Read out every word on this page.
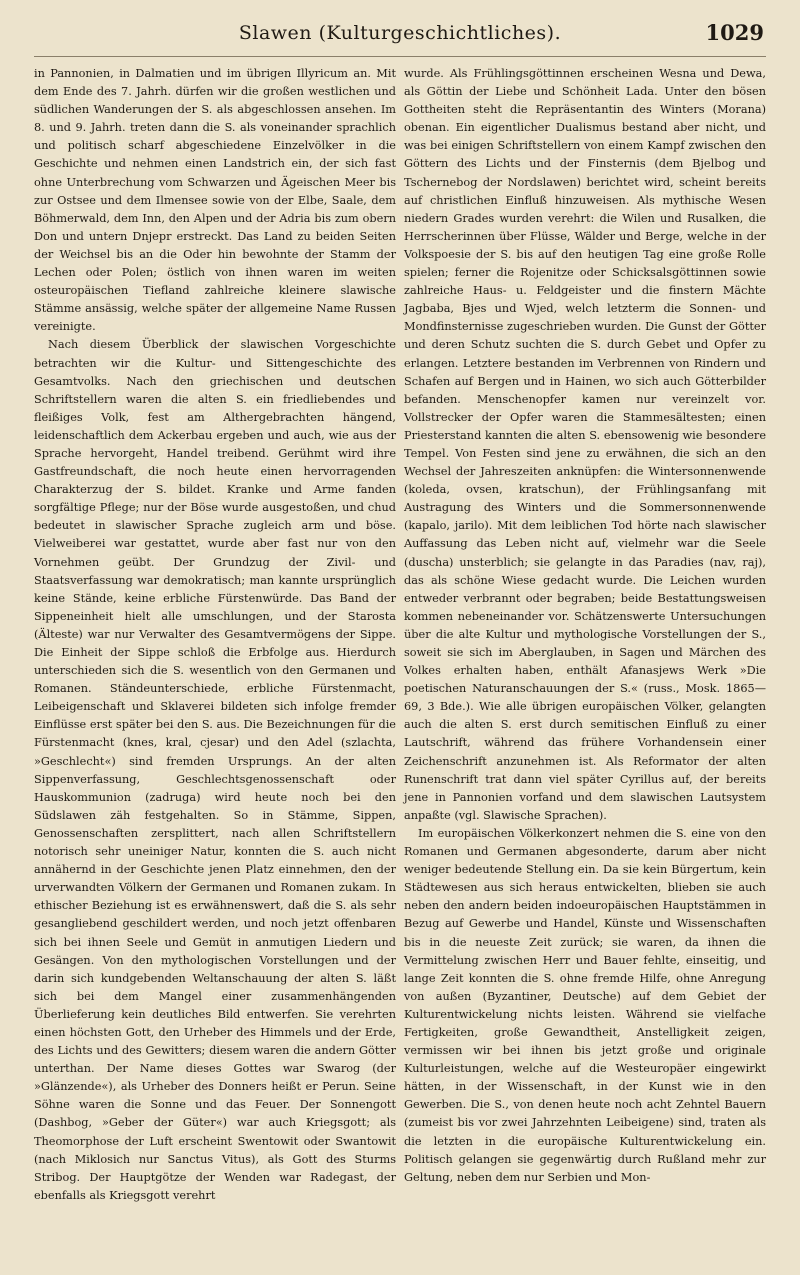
Slawen (Kulturgeschichtliches).	1029

in Pannonien, in Dalmatien und im übrigen Illyricum an. Mit dem Ende des 7. Jahrh. dürfen wir die großen westlichen und südlichen Wanderungen der S. als abgeschlossen ansehen. Im 8. und 9. Jahrh. treten dann die S. als voneinander sprachlich und politisch scharf abgeschiedene Einzelvölker in die Geschichte und nehmen einen Landstrich ein, der sich fast ohne Unterbrechung vom Schwarzen und Ägeischen Meer bis zur Ostsee und dem Ilmensee sowie von der Elbe, Saale, dem Böhmerwald, dem Inn, den Alpen und der Adria bis zum obern Don und untern Dnjepr erstreckt. Das Land zu beiden Seiten der Weichsel bis an die Oder hin bewohnte der Stamm der Lechen oder Polen; östlich von ihnen waren im weiten osteuropäischen Tiefland zahlreiche kleinere slawische Stämme ansässig, welche später der allgemeine Name Russen vereinigte.

Nach diesem Überblick der slawischen Vorgeschichte betrachten wir die Kultur- und Sittengeschichte des Gesamtvolks. Nach den griechischen und deutschen Schriftstellern waren die alten S. ein friedliebendes und fleißiges Volk, fest am Althergebrachten hängend, leidenschaftlich dem Ackerbau ergeben und auch, wie aus der Sprache hervorgeht, Handel treibend. Gerühmt wird ihre Gastfreundschaft, die noch heute einen hervorragenden Charakterzug der S. bildet. Kranke und Arme fanden sorgfältige Pflege; nur der Böse wurde ausgestoßen, und chud bedeutet in slawischer Sprache zugleich arm und böse. Vielweiberei war gestattet, wurde aber fast nur von den Vornehmen geübt. Der Grundzug der Zivil- und Staatsverfassung war demokratisch; man kannte ursprünglich keine Stände, keine erbliche Fürstenwürde. Das Band der Sippeneinheit hielt alle umschlungen, und der Starosta (Älteste) war nur Verwalter des Gesamtvermögens der Sippe. Die Einheit der Sippe schloß die Erbfolge aus. Hierdurch unterschieden sich die S. wesentlich von den Germanen und Romanen. Ständeunterschiede, erbliche Fürstenmacht, Leibeigenschaft und Sklaverei bildeten sich infolge fremder Einflüsse erst später bei den S. aus. Die Bezeichnungen für die Fürstenmacht (knes, kral, cjesar) und den Adel (szlachta, »Geschlecht«) sind fremden Ursprungs. An der alten Sippenverfassung, Geschlechtsgenossenschaft oder Hauskommunion (zadruga) wird heute noch bei den Südslawen zäh festgehalten. So in Stämme, Sippen, Genossenschaften zersplittert, nach allen Schriftstellern notorisch sehr uneiniger Natur, konnten die S. auch nicht annähernd in der Geschichte jenen Platz einnehmen, den der urverwandten Völkern der Germanen und Romanen zukam. In ethischer Beziehung ist es erwähnenswert, daß die S. als sehr gesangliebend geschildert werden, und noch jetzt offenbaren sich bei ihnen Seele und Gemüt in anmutigen Liedern und Gesängen. Von den mythologischen Vorstellungen und der darin sich kundgebenden Weltanschauung der alten S. läßt sich bei dem Mangel einer zusammenhängenden Überlieferung kein deutliches Bild entwerfen. Sie verehrten einen höchsten Gott, den Urheber des Himmels und der Erde, des Lichts und des Gewitters; diesem waren die andern Götter unterthan. Der Name dieses Gottes war Swarog (der »Glänzende«), als Urheber des Donners heißt er Perun. Seine Söhne waren die Sonne und das Feuer. Der Sonnengott (Dashbog, »Geber der Güter«) war auch Kriegsgott; als Theomorphose der Luft erscheint Swentowit oder Swantowit (nach Miklosich nur Sanctus Vitus), als Gott des Sturms Stribog. Der Hauptgötze der Wenden war Radegast, der ebenfalls als Kriegsgott verehrt

wurde. Als Frühlingsgöttinnen erscheinen Wesna und Dewa, als Göttin der Liebe und Schönheit Lada. Unter den bösen Gottheiten steht die Repräsentantin des Winters (Morana) obenan. Ein eigentlicher Dualismus bestand aber nicht, und was bei einigen Schriftstellern von einem Kampf zwischen den Göttern des Lichts und der Finsternis (dem Bjelbog und Tschernebog der Nordslawen) berichtet wird, scheint bereits auf christlichen Einfluß hinzuweisen. Als mythische Wesen niedern Grades wurden verehrt: die Wilen und Rusalken, die Herrscherinnen über Flüsse, Wälder und Berge, welche in der Volkspoesie der S. bis auf den heutigen Tag eine große Rolle spielen; ferner die Rojenitze oder Schicksalsgöttinnen sowie zahlreiche Haus- u. Feldgeister und die finstern Mächte Jagbaba, Bjes und Wjed, welch letzterm die Sonnen- und Mondfinsternisse zugeschrieben wurden. Die Gunst der Götter und deren Schutz suchten die S. durch Gebet und Opfer zu erlangen. Letztere bestanden im Verbrennen von Rindern und Schafen auf Bergen und in Hainen, wo sich auch Götterbilder befanden. Menschenopfer kamen nur vereinzelt vor. Vollstrecker der Opfer waren die Stammesältesten; einen Priesterstand kannten die alten S. ebensowenig wie besondere Tempel. Von Festen sind jene zu erwähnen, die sich an den Wechsel der Jahreszeiten anknüpfen: die Wintersonnenwende (koleda, ovsen, kratschun), der Frühlingsanfang mit Austragung des Winters und die Sommersonnenwende (kapalo, jarilo). Mit dem leiblichen Tod hörte nach slawischer Auffassung das Leben nicht auf, vielmehr war die Seele (duscha) unsterblich; sie gelangte in das Paradies (nav, raj), das als schöne Wiese gedacht wurde. Die Leichen wurden entweder verbrannt oder begraben; beide Bestattungsweisen kommen nebeneinander vor. Schätzenswerte Untersuchungen über die alte Kultur und mythologische Vorstellungen der S., soweit sie sich im Aberglauben, in Sagen und Märchen des Volkes erhalten haben, enthält Afanasjews Werk »Die poetischen Naturanschauungen der S.« (russ., Mosk. 1865—69, 3 Bde.). Wie alle übrigen europäischen Völker, gelangten auch die alten S. erst durch semitischen Einfluß zu einer Lautschrift, während das frühere Vorhandensein einer Zeichenschrift anzunehmen ist. Als Reformator der alten Runenschrift trat dann viel später Cyrillus auf, der bereits jene in Pannonien vorfand und dem slawischen Lautsystem anpaßte (vgl. Slawische Sprachen).

Im europäischen Völkerkonzert nehmen die S. eine von den Romanen und Germanen abgesonderte, darum aber nicht weniger bedeutende Stellung ein. Da sie kein Bürgertum, kein Städtewesen aus sich heraus entwickelten, blieben sie auch neben den andern beiden indoeuropäischen Hauptstämmen in Bezug auf Gewerbe und Handel, Künste und Wissenschaften bis in die neueste Zeit zurück; sie waren, da ihnen die Vermittelung zwischen Herr und Bauer fehlte, einseitig, und lange Zeit konnten die S. ohne fremde Hilfe, ohne Anregung von außen (Byzantiner, Deutsche) auf dem Gebiet der Kulturentwickelung nichts leisten. Während sie vielfache Fertigkeiten, große Gewandtheit, Anstelligkeit zeigen, vermissen wir bei ihnen bis jetzt große und originale Kulturleistungen, welche auf die Westeuropäer eingewirkt hätten, in der Wissenschaft, in der Kunst wie in den Gewerben. Die S., von denen heute noch acht Zehntel Bauern (zumeist bis vor zwei Jahrzehnten Leibeigene) sind, traten als die letzten in die europäische Kulturentwickelung ein. Politisch gelangen sie gegenwärtig durch Rußland mehr zur Geltung, neben dem nur Serbien und Mon-
